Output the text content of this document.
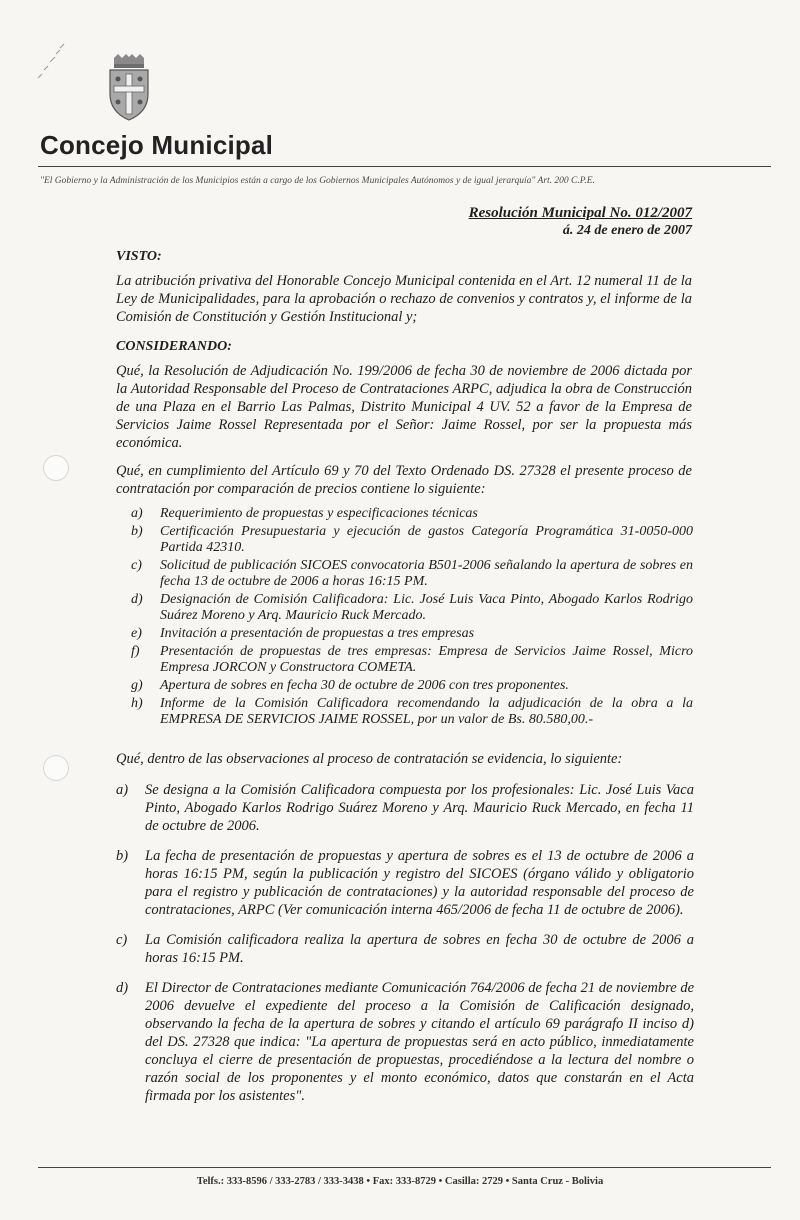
Concejo Municipal
"El Gobierno y la Administración de los Municipios están a cargo de los Gobiernos Municipales Autónomos y de igual jerarquía" Art. 200 C.P.E.
Resolución Municipal No. 012/2007
á. 24 de enero de 2007
VISTO:

La atribución privativa del Honorable Concejo Municipal contenida en el Art. 12 numeral 11 de la Ley de Municipalidades, para la aprobación o rechazo de convenios y contratos y, el informe de la Comisión de Constitución y Gestión Institucional y;

CONSIDERANDO:

Qué, la Resolución de Adjudicación No. 199/2006 de fecha 30 de noviembre de 2006 dictada por la Autoridad Responsable del Proceso de Contrataciones ARPC, adjudica la obra de Construcción de una Plaza en el Barrio Las Palmas, Distrito Municipal 4 UV. 52 a favor de la Empresa de Servicios Jaime Rossel Representada por el Señor: Jaime Rossel, por ser la propuesta más económica.

Qué, en cumplimiento del Artículo 69 y 70 del Texto Ordenado DS. 27328 el presente proceso de contratación por comparación de precios contiene lo siguiente:

a) Requerimiento de propuestas y especificaciones técnicas
b) Certificación Presupuestaria y ejecución de gastos Categoría Programática 31-0050-000 Partida 42310.
c) Solicitud de publicación SICOES convocatoria B501-2006 señalando la apertura de sobres en fecha 13 de octubre de 2006 a horas 16:15 PM.
d) Designación de Comisión Calificadora: Lic. José Luis Vaca Pinto, Abogado Karlos Rodrigo Suárez Moreno y Arq. Mauricio Ruck Mercado.
e) Invitación a presentación de propuestas a tres empresas
f) Presentación de propuestas de tres empresas: Empresa de Servicios Jaime Rossel, Micro Empresa JORCON y Constructora COMETA.
g) Apertura de sobres en fecha 30 de octubre de 2006 con tres proponentes.
h) Informe de la Comisión Calificadora recomendando la adjudicación de la obra a la EMPRESA DE SERVICIOS JAIME ROSSEL, por un valor de Bs. 80.580,00.-

Qué, dentro de las observaciones al proceso de contratación se evidencia, lo siguiente:

a) Se designa a la Comisión Calificadora compuesta por los profesionales: Lic. José Luis Vaca Pinto, Abogado Karlos Rodrigo Suárez Moreno y Arq. Mauricio Ruck Mercado, en fecha 11 de octubre de 2006.
b) La fecha de presentación de propuestas y apertura de sobres es el 13 de octubre de 2006 a horas 16:15 PM, según la publicación y registro del SICOES (órgano válido y obligatorio para el registro y publicación de contrataciones) y la autoridad responsable del proceso de contrataciones, ARPC (Ver comunicación interna 465/2006 de fecha 11 de octubre de 2006).
c) La Comisión calificadora realiza la apertura de sobres en fecha 30 de octubre de 2006 a horas 16:15 PM.
d) El Director de Contrataciones mediante Comunicación 764/2006 de fecha 21 de noviembre de 2006 devuelve el expediente del proceso a la Comisión de Calificación designado, observando la fecha de la apertura de sobres y citando el artículo 69 parágrafo II inciso d) del DS. 27328 que indica: "La apertura de propuestas será en acto público, inmediatamente concluya el cierre de presentación de propuestas, procediéndose a la lectura del nombre o razón social de los proponentes y el monto económico, datos que constarán en el Acta firmada por los asistentes".
Telfs.: 333-8596 / 333-2783 / 333-3438 • Fax: 333-8729 • Casilla: 2729 • Santa Cruz - Bolivia
